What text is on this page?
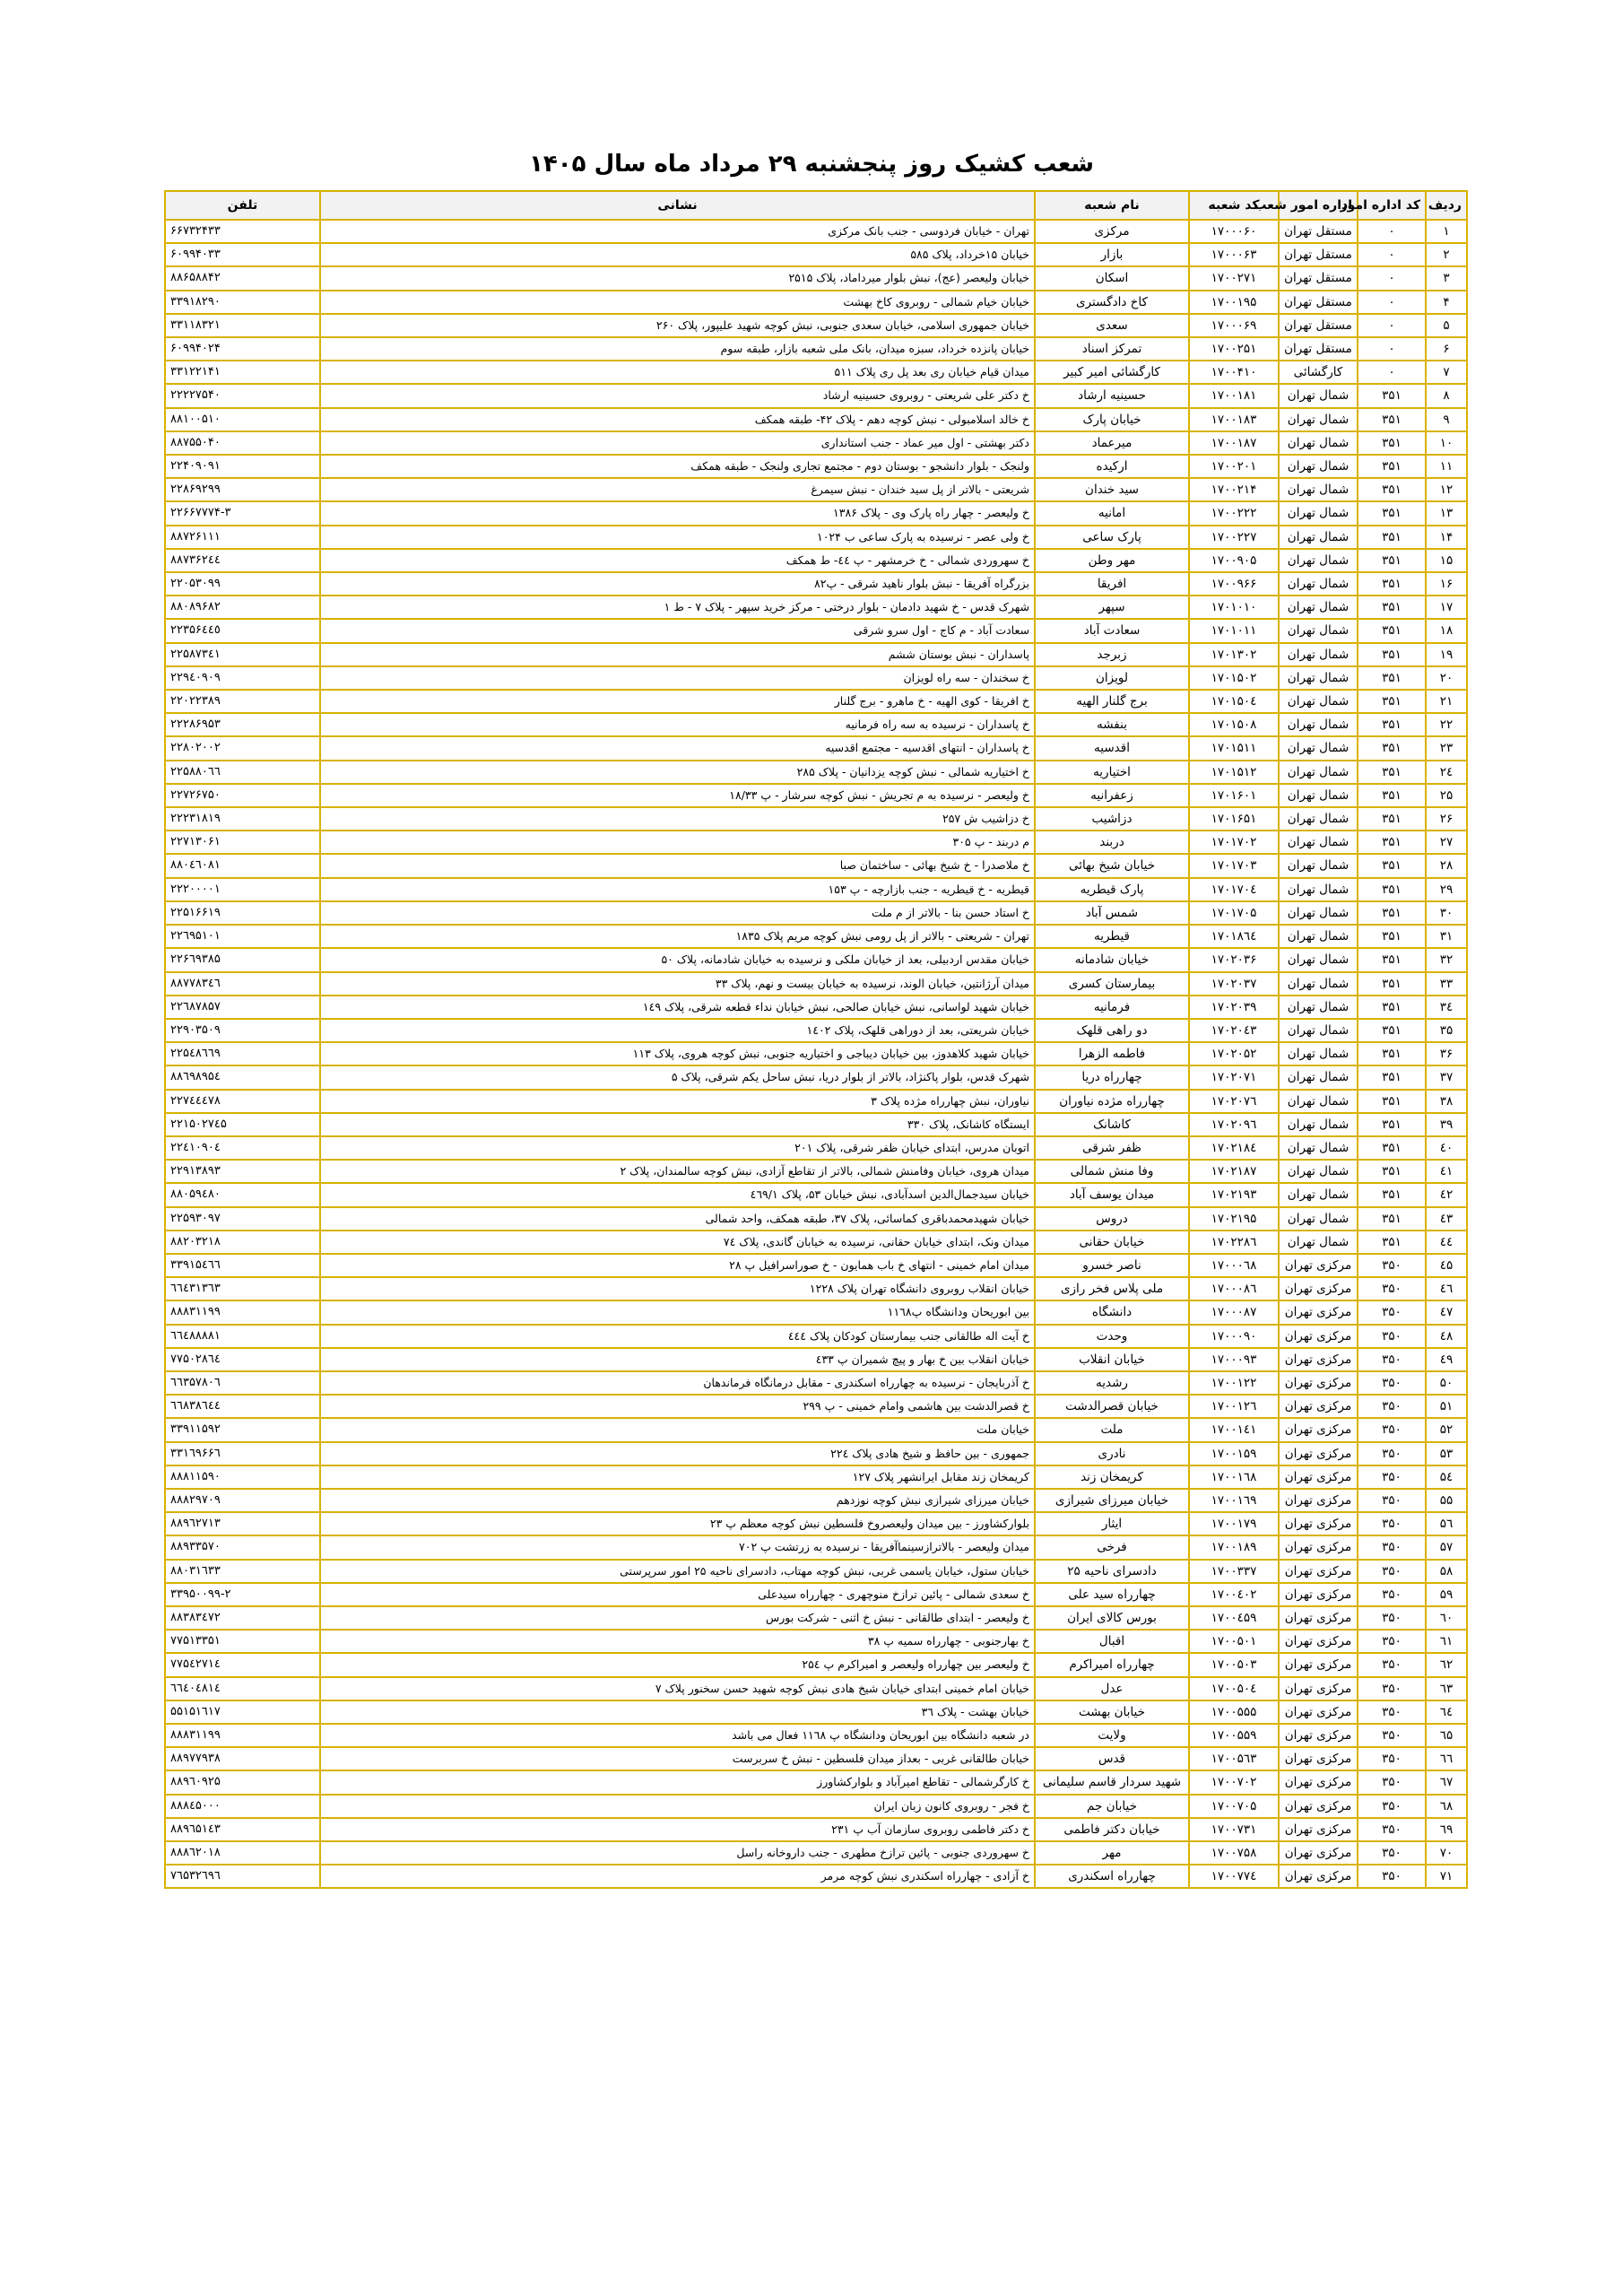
شعب کشیک روز پنجشنبه ۲۹ مرداد ماه سال ۱۴۰۵
ردیف	کد اداره امور	اداره امور شعب	کد شعبه	نام شعبه	نشانی	تلفن
۱	۰	مستقل تهران	۱۷۰۰۰۶۰	مرکزی	تهران - خیابان فردوسی - جنب بانک مرکزی	۶۶۷۳۲۴۳۳
۲	۰	مستقل تهران	۱۷۰۰۰۶۳	بازار	خیابان ۱۵خرداد، پلاک ۵۸۵	۶۰۹۹۴۰۳۳
۳	۰	مستقل تهران	۱۷۰۰۲۷۱	اسکان	خیابان ولیعصر (عج)، نبش بلوار میرداماد، پلاک ۲۵۱۵	۸۸۶۵۸۸۴۲
۴	۰	مستقل تهران	۱۷۰۰۱۹۵	کاخ دادگستری	خیابان خیام شمالی - روبروی کاخ بهشت	۳۳۹۱۸۲۹۰
۵	۰	مستقل تهران	۱۷۰۰۰۶۹	سعدی	خیابان جمهوری اسلامی، خیابان سعدی جنوبی، نبش کوچه شهید علیپور، پلاک ۲۶۰	۳۳۱۱۸۳۲۱
۶	۰	مستقل تهران	۱۷۰۰۲۵۱	تمرکز اسناد	خیابان پانزده خرداد، سبزه میدان، بانک ملی شعبه بازار، طبقه سوم	۶۰۹۹۴۰۲۴
۷	۰	کارگشائی	۱۷۰۰۴۱۰	کارگشائی امیر کبیر	میدان قیام خیابان ری بعد پل ری پلاک ۵۱۱	۳۳۱۲۲۱۴۱
۸	۳۵۱	شمال تهران	۱۷۰۰۱۸۱	حسینیه ارشاد	خ دکتر علی شریعتی - روبروی حسینیه ارشاد	۲۲۲۲۷۵۴۰
۹	۳۵۱	شمال تهران	۱۷۰۰۱۸۳	خیابان پارک	خ خالد اسلامبولی - نبش کوچه دهم - پلاک ۴۲- طبقه همکف	۸۸۱۰۰۵۱۰
۱۰	۳۵۱	شمال تهران	۱۷۰۰۱۸۷	میرعماد	دکتر بهشتی - اول میر عماد - جنب استانداری	۸۸۷۵۵۰۴۰
۱۱	۳۵۱	شمال تهران	۱۷۰۰۲۰۱	ارکیده	ولنجک - بلوار دانشجو - بوستان دوم - مجتمع تجاری ولنجک - طبقه همکف	۲۲۴۰۹۰۹۱
۱۲	۳۵۱	شمال تهران	۱۷۰۰۲۱۴	سید خندان	شریعتی - بالاتر از پل سید خندان - نبش سیمرغ	۲۲۸۶۹۲۹۹
۱۳	۳۵۱	شمال تهران	۱۷۰۰۲۲۲	امانیه	خ ولیعصر - چهار راه پارک وی - پلاک ۱۳۸۶	۲۲۶۶۷۷۷۴-۳
۱۴	۳۵۱	شمال تهران	۱۷۰۰۲۲۷	پارک ساعی	خ ولی عصر - نرسیده به پارک ساعی ب ۱۰۲۴	۸۸۷۲۶۱۱۱
۱۵	۳۵۱	شمال تهران	۱۷۰۰۹۰۵	مهر وطن	خ سهروردی شمالی - خ خرمشهر - پ ٤٤- ط همکف	۸۸۷۳۶۲٤٤
۱۶	۳۵۱	شمال تهران	۱۷۰۰۹۶۶	افریقا	بزرگراه آفریقا - نبش بلوار ناهید شرقی - پ۸۲	۲۲۰۵۳۰۹۹
۱۷	۳۵۱	شمال تهران	۱۷۰۱۰۱۰	سپهر	شهرک قدس - خ شهید دادمان - بلوار درختی - مرکز خرید سپهر - پلاک ۷ - ط ۱	۸۸۰۸۹۶۸۲
۱۸	۳۵۱	شمال تهران	۱۷۰۱۰۱۱	سعادت آباد	سعادت آباد - م کاج - اول سرو شرقی	۲۲۳۵۶٤٤٥
۱۹	۳۵۱	شمال تهران	۱۷۰۱۳۰۲	زبرجد	پاسداران - نبش بوستان ششم	۲۲۵۸۷۳٤۱
۲۰	۳۵۱	شمال تهران	۱۷۰۱۵۰۲	لویزان	خ سخندان - سه راه لویزان	۲۲۹٤۰۹۰۹
۲۱	۳۵۱	شمال تهران	۱۷۰۱۵۰٤	برج گلنار الهیه	خ افریقا - کوی الهیه - خ ماهرو - برج گلنار	۲۲۰۲۲۳۸۹
۲۲	۳۵۱	شمال تهران	۱۷۰۱۵۰۸	بنفشه	خ پاسداران - نرسیده به سه راه فرمانیه	۲۲۲۸۶۹۵۳
۲۳	۳۵۱	شمال تهران	۱۷۰۱۵۱۱	اقدسیه	خ پاسداران - انتهای اقدسیه - مجتمع اقدسیه	۲۲۸۰۲۰۰۲
۲٤	۳۵۱	شمال تهران	۱۷۰۱۵۱۲	اختیاریه	خ اختیاریه شمالی - نبش کوچه یزدانیان - پلاک ۲۸۵	۲۲۵۸۸۰٦٦
۲۵	۳۵۱	شمال تهران	۱۷۰۱۶۰۱	زعفرانیه	خ ولیعصر - نرسیده به م تجریش - نبش کوچه سرشار - پ ۱۸/۳۳	۲۲۷۲۶۷۵۰
۲۶	۳۵۱	شمال تهران	۱۷۰۱۶۵۱	دزاشیب	خ دزاشیب ش ۲۵۷	۲۲۲۳۱۸۱۹
۲۷	۳۵۱	شمال تهران	۱۷۰۱۷۰۲	دربند	م دربند - پ ۳۰۵	۲۲۷۱۳۰۶۱
۲۸	۳۵۱	شمال تهران	۱۷۰۱۷۰۳	خیابان شیخ بهائی	خ ملاصدرا - خ شیخ بهائی - ساختمان صبا	۸۸۰٤٦۰۸۱
۲۹	۳۵۱	شمال تهران	۱۷۰۱۷۰٤	پارک قیطریه	قیطریه - خ قیطریه - جنب بازارچه - پ ۱۵۳	۲۲۲۰۰۰۰۱
۳۰	۳۵۱	شمال تهران	۱۷۰۱۷۰۵	شمس آباد	خ استاد حسن بنا - بالاتر از م ملت	۲۲۵۱۶۶۱۹
۳۱	۳۵۱	شمال تهران	۱۷۰۱۸٦٤	قیطریه	تهران - شریعتی - بالاتر از پل رومی نبش کوچه مریم پلاک ۱۸۳۵	۲۲٦۹۵۱۰۱
۳۲	۳۵۱	شمال تهران	۱۷۰۲۰۳۶	خیابان شادمانه	خیابان مقدس اردبیلی، بعد از خیابان ملکی و نرسیده به خیابان شادمانه، پلاک ۵۰	۲۲۶٦۹۳۸۵
۳۳	۳۵۱	شمال تهران	۱۷۰۲۰۳۷	بیمارستان کسری	میدان آرژانتین، خیابان الوند، نرسیده به خیابان بیست و نهم، پلاک ۳۳	۸۸۷۷۸۳٤٦
۳٤	۳۵۱	شمال تهران	۱۷۰۲۰۳۹	فرمانیه	خیابان شهید لواسانی، نبش خیابان صالحی، نبش خیابان نداء قطعه شرقی، پلاک ۱٤۹	۲۲٦۸۷۸۵۷
۳۵	۳۵۱	شمال تهران	۱۷۰۲۰٤۳	دو راهی قلهک	خیابان شریعتی، بعد از دوراهی قلهک، پلاک ۱٤۰۲	۲۲۹۰۳۵۰۹
۳۶	۳۵۱	شمال تهران	۱۷۰۲۰۵۲	فاطمه الزهرا	خیابان شهید کلاهدوز، بین خیابان دیباجی و اختیاریه جنوبی، نبش کوچه هروی، پلاک ۱۱۳	۲۲۵٤۸٦٦۹
۳۷	۳۵۱	شمال تهران	۱۷۰۲۰۷۱	چهارراه دریا	شهرک قدس، بلوار پاکنژاد، بالاتر از بلوار دریا، نبش ساحل یکم شرقی، پلاک ۵	۸۸٦۹۸۹۵٤
۳۸	۳۵۱	شمال تهران	۱۷۰۲۰۷٦	چهارراه مژده نیاوران	نیاوران، نبش چهارراه مژده پلاک ۳	۲۲۷٤٤٤۷۸
۳۹	۳۵۱	شمال تهران	۱۷۰۲۰۹٦	کاشانک	ایستگاه کاشانک، پلاک ۳۳۰	۲۲۱۵۰۲۷٤۵
٤۰	۳۵۱	شمال تهران	۱۷۰۲۱۸٤	ظفر شرقی	اتوبان مدرس، ابتدای خیابان ظفر شرقی، پلاک ۲۰۱	۲۲٤۱۰۹۰٤
٤۱	۳۵۱	شمال تهران	۱۷۰۲۱۸۷	وفا منش شمالی	میدان هروی، خیابان وفامنش شمالی، بالاتر از تقاطع آزادی، نبش کوچه سالمندان، پلاک ۲	۲۲۹۱۳۸۹۳
٤۲	۳۵۱	شمال تهران	۱۷۰۲۱۹۳	میدان یوسف آباد	خیابان سیدجمال‌الدین اسدآبادی، نبش خیابان ۵۳، پلاک ٤٦۹/۱	۸۸۰۵۹٤۸۰
٤۳	۳۵۱	شمال تهران	۱۷۰۲۱۹۵	دروس	خیابان شهیدمحمدباقری کماسائی، پلاک ۳۷، طبقه همکف، واحد شمالی	۲۲۵۹۳۰۹۷
٤٤	۳۵۱	شمال تهران	۱۷۰۲۲۸٦	خیابان حقانی	میدان ونک، ابتدای خیابان حقانی، نرسیده به خیابان گاندی، پلاک ۷٤	۸۸۲۰۳۲۱۸
٤۵	۳۵۰	مرکزی تهران	۱۷۰۰۰٦۸	ناصر خسرو	میدان امام خمینی - انتهای خ باب همایون - خ صوراسرافیل پ ۲۸	۳۳۹۱۵٤٦٦
٤٦	۳۵۰	مرکزی تهران	۱۷۰۰۰۸٦	ملی پلاس فخر رازی	خیابان انقلاب روبروی دانشگاه تهران پلاک ۱۲۲۸	٦٦٤۳۱۳٦۳
٤۷	۳۵۰	مرکزی تهران	۱۷۰۰۰۸۷	دانشگاه	بین ابوریحان ودانشگاه پ۱۱٦۸	۸۸۸۳۱۱۹۹
٤۸	۳۵۰	مرکزی تهران	۱۷۰۰۰۹۰	وحدت	خ آیت اله طالقانی جنب بیمارستان کودکان پلاک ٤٤٤	٦٦٤۸۸۸۸۱
٤۹	۳۵۰	مرکزی تهران	۱۷۰۰۰۹۳	خیابان انقلاب	خیابان انقلاب بین خ بهار و پیچ شمیران پ ٤۳۳	۷۷۵۰۲۸٦٤
۵۰	۳۵۰	مرکزی تهران	۱۷۰۰۱۲۲	رشدیه	خ آذربایجان - نرسیده به چهارراه اسکندری - مقابل درمانگاه فرماندهان	٦٦۳۵۷۸۰٦
۵۱	۳۵۰	مرکزی تهران	۱۷۰۰۱۲٦	خیابان قصرالدشت	خ قصرالدشت بین هاشمی وامام خمینی - پ ۲۹۹	٦٦۸۳۸٦٤٤
۵۲	۳۵۰	مرکزی تهران	۱۷۰۰۱٤۱	ملت	خیابان ملت	۳۳۹۱۱۵۹۲
۵۳	۳۵۰	مرکزی تهران	۱۷۰۰۱۵۹	نادری	جمهوری - بین حافظ و شیخ هادی پلاک ۲۲٤	۳۳۱٦۹۶۶٦
۵٤	۳۵۰	مرکزی تهران	۱۷۰۰۱٦۸	کریمخان زند	کریمخان زند مقابل ایرانشهر پلاک ۱۲۷	۸۸۸۱۱۵۹۰
۵۵	۳۵۰	مرکزی تهران	۱۷۰۰۱٦۹	خیابان میرزای شیرازی	خیابان میرزای شیرازی نبش کوچه نوزدهم	۸۸۸۲۹۷۰۹
۵٦	۳۵۰	مرکزی تهران	۱۷۰۰۱۷۹	ایثار	بلوارکشاورز - بین میدان ولیعصروخ فلسطین نبش کوچه معظم پ ۲۳	۸۸۹٦۲۷۱۳
۵۷	۳۵۰	مرکزی تهران	۱۷۰۰۱۸۹	فرخی	میدان ولیعصر - بالاترازسینماآفریقا - نرسیده به زرتشت پ ۷۰۲	۸۸۹۳۳۵۷۰
۵۸	۳۵۰	مرکزی تهران	۱۷۰۰۳۳۷	دادسرای ناحیه ۲۵	خیابان ستول، خیابان یاسمی غربی، نبش کوچه مهتاب، دادسرای ناحیه ۲۵ امور سرپرستی	۸۸۰۳۱٦۳۳
۵۹	۳۵۰	مرکزی تهران	۱۷۰۰٤۰۲	چهارراه سید علی	خ سعدی شمالی - پائین ترازخ منوچهری - چهارراه سیدعلی	۳۳۹۵۰۰۹۹-۲
٦۰	۳۵۰	مرکزی تهران	۱۷۰۰٤۵۹	بورس کالای ایران	خ ولیعصر - ابتدای طالقانی - نبش خ اثنی - شرکت بورس	۸۸۳۸۳٤۷۲
٦۱	۳۵۰	مرکزی تهران	۱۷۰۰۵۰۱	اقبال	خ بهارجنوبی - چهارراه سمیه پ ۳۸	۷۷۵۱۳۳۵۱
٦۲	۳۵۰	مرکزی تهران	۱۷۰۰۵۰۳	چهارراه امیراکرم	خ ولیعصر بین چهارراه ولیعصر و امیراکرم پ ۲۵٤	۷۷۵٤۲۷۱٤
٦۳	۳۵۰	مرکزی تهران	۱۷۰۰۵۰٤	عدل	خیابان امام خمینی ابتدای خیابان شیخ هادی نبش کوچه شهید حسن سخنور پلاک ۷	٦٦٤۰٤۸۱٤
٦٤	۳۵۰	مرکزی تهران	۱۷۰۰۵۵۵	خیابان بهشت	خیابان بهشت - پلاک ۳٦	۵۵۱۵۱٦۱۷
٦۵	۳۵۰	مرکزی تهران	۱۷۰۰۵۵۹	ولایت	در شعبه دانشگاه بین ابوریحان ودانشگاه پ ۱۱٦۸ فعال می باشد	۸۸۸۳۱۱۹۹
٦٦	۳۵۰	مرکزی تهران	۱۷۰۰۵٦۳	قدس	خیابان طالقانی غربی - بعداز میدان فلسطین - نبش خ سربرست	۸۸۹۷۷۹۳۸
٦۷	۳۵۰	مرکزی تهران	۱۷۰۰۷۰۲	شهید سردار قاسم سلیمانی	خ کارگرشمالی - تقاطع امیرآباد و بلوارکشاورز	۸۸۹٦۰۹۲۵
٦۸	۳۵۰	مرکزی تهران	۱۷۰۰۷۰۵	خیابان جم	خ فجر - روبروی کانون زبان ایران	۸۸۸٤۵۰۰۰
٦۹	۳۵۰	مرکزی تهران	۱۷۰۰۷۳۱	خیابان دکتر فاطمی	خ دکتر فاطمی روبروی سازمان آب پ ۲۳۱	۸۸۹٦۵۱٤۳
۷۰	۳۵۰	مرکزی تهران	۱۷۰۰۷۵۸	مهر	خ سهروردی جنوبی - پائین ترازخ مطهری - جنب داروخانه راسل	۸۸۸٦۲۰۱۸
۷۱	۳۵۰	مرکزی تهران	۱۷۰۰۷۷٤	چهارراه اسکندری	خ آزادی - چهارراه اسکندری نبش کوچه مرمر	۷٦۵۳۲٦۹٦
